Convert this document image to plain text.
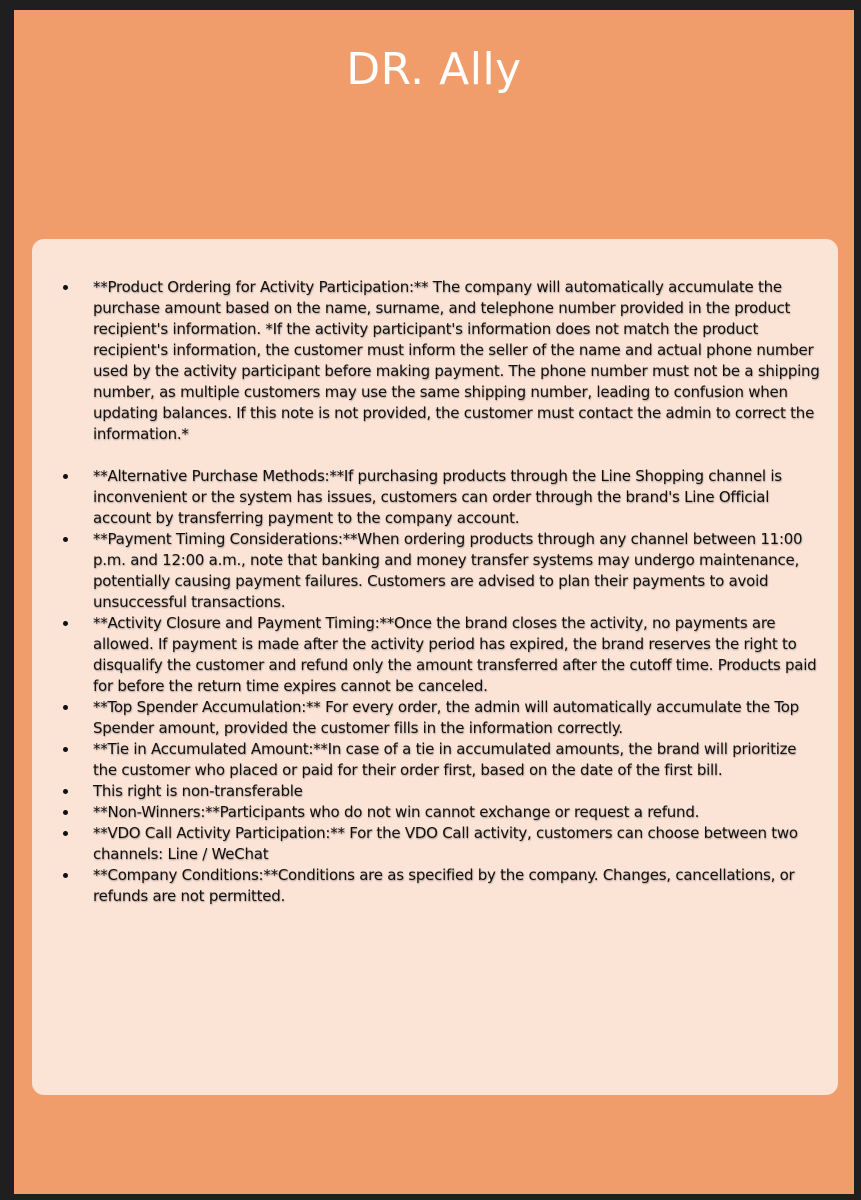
DR. Ally
**Product Ordering for Activity Participation:** The company will automatically accumulate the purchase amount based on the name, surname, and telephone number provided in the product recipient's information. *If the activity participant's information does not match the product recipient's information, the customer must inform the seller of the name and actual phone number used by the activity participant before making payment. The phone number must not be a shipping number, as multiple customers may use the same shipping number, leading to confusion when updating balances. If this note is not provided, the customer must contact the admin to correct the information.*
**Alternative Purchase Methods:**If purchasing products through the Line Shopping channel is inconvenient or the system has issues, customers can order through the brand's Line Official account by transferring payment to the company account.
**Payment Timing Considerations:**When ordering products through any channel between 11:00 p.m. and 12:00 a.m., note that banking and money transfer systems may undergo maintenance, potentially causing payment failures. Customers are advised to plan their payments to avoid unsuccessful transactions.
**Activity Closure and Payment Timing:**Once the brand closes the activity, no payments are allowed. If payment is made after the activity period has expired, the brand reserves the right to disqualify the customer and refund only the amount transferred after the cutoff time. Products paid for before the return time expires cannot be canceled.
**Top Spender Accumulation:** For every order, the admin will automatically accumulate the Top Spender amount, provided the customer fills in the information correctly.
**Tie in Accumulated Amount:**In case of a tie in accumulated amounts, the brand will prioritize the customer who placed or paid for their order first, based on the date of the first bill.
This right is non-transferable
**Non-Winners:**Participants who do not win cannot exchange or request a refund.
**VDO Call Activity Participation:** For the VDO Call activity, customers can choose between two channels: Line / WeChat
**Company Conditions:**Conditions are as specified by the company. Changes, cancellations, or refunds are not permitted.
